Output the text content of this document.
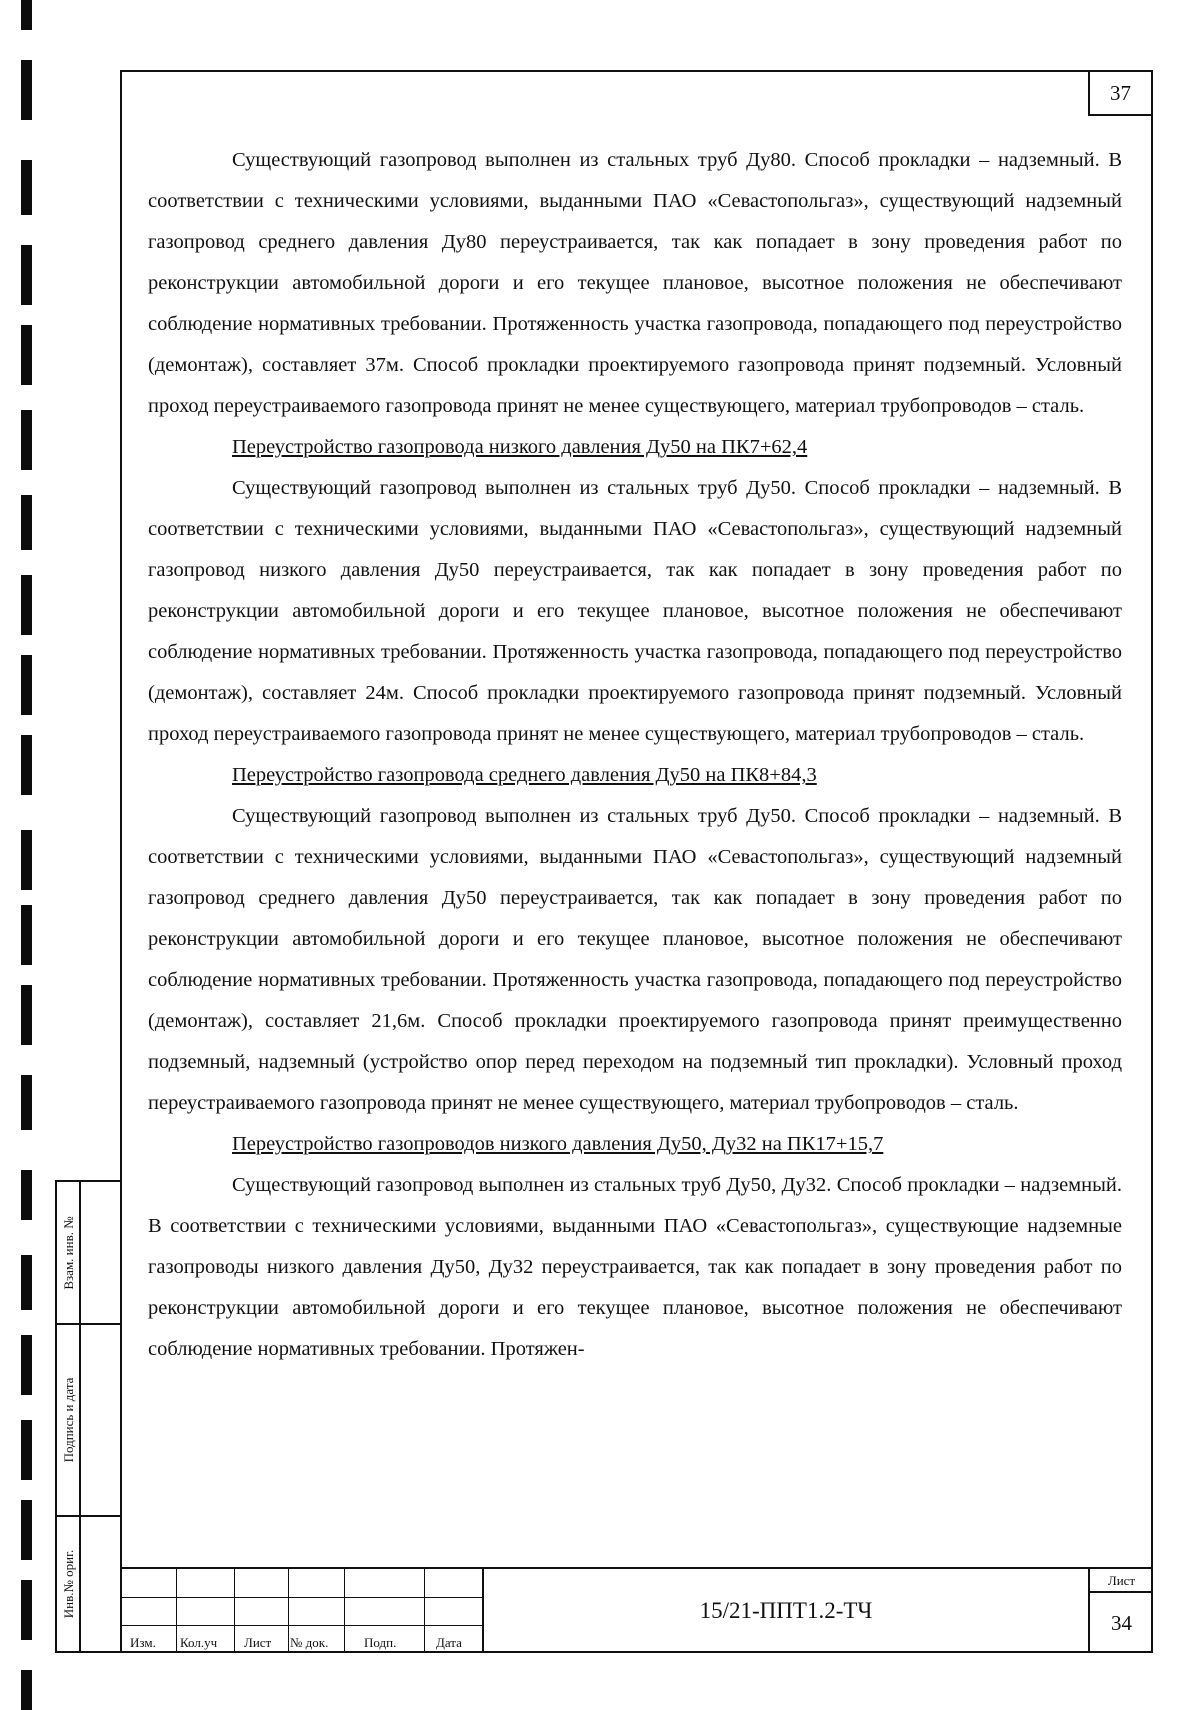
37
Взам. инв. №
Подпись и дата
Инв.№ ориг.

Существующий газопровод выполнен из стальных труб Ду80. Способ прокладки – надземный. В соответствии с техническими условиями, выданными ПАО «Севастопольгаз», существующий надземный газопровод среднего давления Ду80 переустраивается, так как попадает в зону проведения работ по реконструкции автомобильной дороги и его текущее плановое, высотное положения не обеспечивают соблюдение нормативных требовании. Протяженность участка газопровода, попадающего под переустройство (демонтаж), составляет 37м. Способ прокладки проектируемого газопровода принят подземный. Условный проход переустраиваемого газопровода принят не менее существующего, материал трубопроводов – сталь.

Переустройство газопровода низкого давления Ду50 на ПК7+62,4

Существующий газопровод выполнен из стальных труб Ду50. Способ прокладки – надземный. В соответствии с техническими условиями, выданными ПАО «Севастопольгаз», существующий надземный газопровод низкого давления Ду50 переустраивается, так как попадает в зону проведения работ по реконструкции автомобильной дороги и его текущее плановое, высотное положения не обеспечивают соблюдение нормативных требовании. Протяженность участка газопровода, попадающего под переустройство (демонтаж), составляет 24м. Способ прокладки проектируемого газопровода принят подземный. Условный проход переустраиваемого газопровода принят не менее существующего, материал трубопроводов – сталь.

Переустройство газопровода среднего давления Ду50 на ПК8+84,3

Существующий газопровод выполнен из стальных труб Ду50. Способ прокладки – надземный. В соответствии с техническими условиями, выданными ПАО «Севастопольгаз», существующий надземный газопровод среднего давления Ду50 переустраивается, так как попадает в зону проведения работ по реконструкции автомобильной дороги и его текущее плановое, высотное положения не обеспечивают соблюдение нормативных требовании. Протяженность участка газопровода, попадающего под переустройство (демонтаж), составляет 21,6м. Способ прокладки проектируемого газопровода принят преимущественно подземный, надземный (устройство опор перед переходом на подземный тип прокладки). Условный проход переустраиваемого газопровода принят не менее существующего, материал трубопроводов – сталь.

Переустройство газопроводов низкого давления Ду50, Ду32 на ПК17+15,7

Существующий газопровод выполнен из стальных труб Ду50, Ду32. Способ прокладки – надземный. В соответствии с техническими условиями, выданными ПАО «Севастопольгаз», существующие надземные газопроводы низкого давления Ду50, Ду32 переустраивается, так как попадает в зону проведения работ по реконструкции автомобильной дороги и его текущее плановое, высотное положения не обеспечивают соблюдение нормативных требовании. Протяжен-

Изм. Кол.уч Лист № док.	Подп.	Дата
15/21-ППТ1.2-ТЧ
Лист
34
